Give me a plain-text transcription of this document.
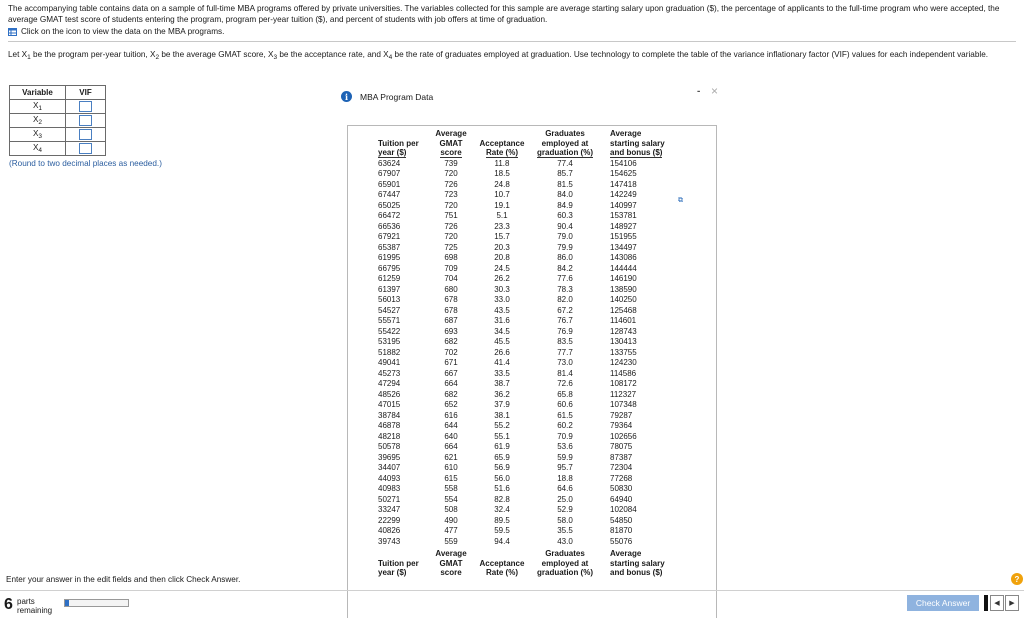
The accompanying table contains data on a sample of full-time MBA programs offered by private universities. The variables collected for this sample are average starting salary upon graduation ($), the percentage of applicants to the full-time program who were accepted, the average GMAT test score of students entering the program, program per-year tuition ($), and percent of students with job offers at time of graduation.
Click on the icon to view the data on the MBA programs.
Let $X_1$ be the program per-year tuition, $X_2$ be the average GMAT score, $X_3$ be the acceptance rate, and $X_4$ be the rate of graduates employed at graduation. Use technology to complete the table of the variance inflationary factor (VIF) values for each independent variable.
Variable	VIF
$X_1$	
$X_2$	
$X_3$	
$X_4$	
(Round to two decimal places as needed.)
i	MBA Program Data	- ×

Tuition per
year ($)	Average
GMAT
score	Acceptance
Rate (%)	Graduates
employed at
graduation (%)	Average
starting salary
and bonus ($)
63624	739	11.8	77.4	154106
67907	720	18.5	85.7	154625
65901	726	24.8	81.5	147418
67447	723	10.7	84.0	142249
65025	720	19.1	84.9	140997
66472	751	5.1	60.3	153781
66536	726	23.3	90.4	148927
67921	720	15.7	79.0	151955
65387	725	20.3	79.9	134497
61995	698	20.8	86.0	143086
66795	709	24.5	84.2	144444
61259	704	26.2	77.6	146190
61397	680	30.3	78.3	138590
56013	678	33.0	82.0	140250
54527	678	43.5	67.2	125468
55571	687	31.6	76.7	114601
55422	693	34.5	76.9	128743
53195	682	45.5	83.5	130413
51882	702	26.6	77.7	133755
49041	671	41.4	73.0	124230
45273	667	33.5	81.4	114586
47294	664	38.7	72.6	108172
48526	682	36.2	65.8	112327
47015	652	37.9	60.6	107348
38784	616	38.1	61.5	79287
46878	644	55.2	60.2	79364
48218	640	55.1	70.9	102656
50578	664	61.9	53.6	78075
39695	621	65.9	59.9	87387
34407	610	56.9	95.7	72304
44093	615	56.0	18.8	77268
40983	558	51.6	64.6	50830
50271	554	82.8	25.0	64940
33247	508	32.4	52.9	102084
22299	490	89.5	58.0	54850
40826	477	59.5	35.5	81870
39743	559	94.4	43.0	55076

Tuition per
year ($)	Average
GMAT
score	Acceptance
Rate (%)	Graduates
employed at
graduation (%)	Average
starting salary
and bonus ($)
⧉
Enter your answer in the edit fields and then click Check Answer.	?
6 parts
remaining
Check Answer	◀	▶
